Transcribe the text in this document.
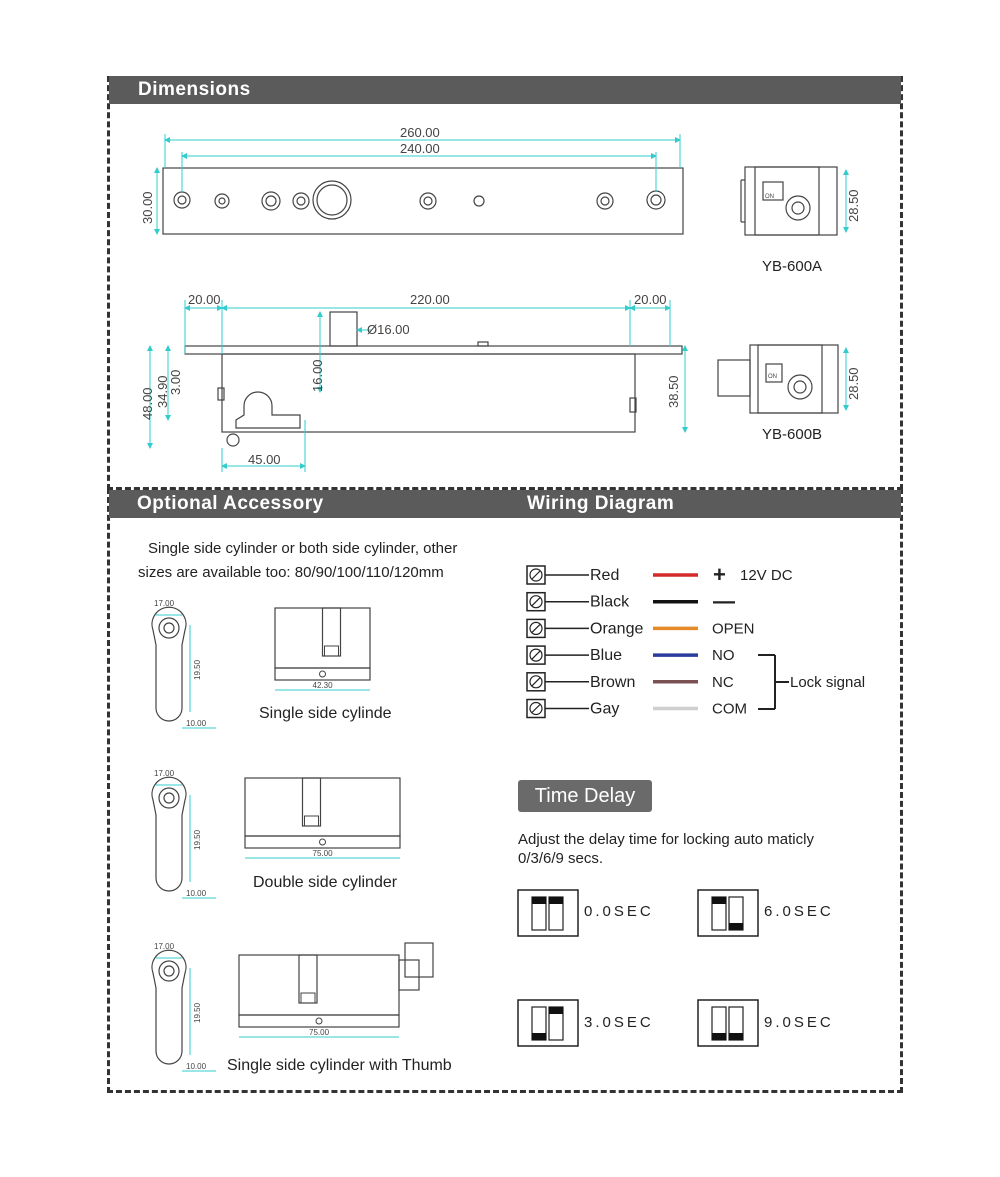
Dimensions
Optional Accessory	Wiring Diagram
260.00
240.00
30.00	ON	28.50
YB-600A
20.00	220.00	20.00
Ø16.00
16.00
48.00 34.90
3.00	38.50
45.00
ON	28.50
YB-600B
17.00
19.50
10.00
42.30
17.00
19.50
10.00
75.00
17.00
19.50
10.00
75.00
Red	+ 12V DC
Black	—
Orange	OPEN
Blue	NO
Brown	NC
Gay	COM
Lock signal
Single side cylinder or both side cylinder, other sizes are available too: 80/90/100/110/120mm
Single side cylinde
Double side cylinder
Single side cylinder with Thumb
Time Delay
Adjust the delay time for locking auto maticly
0/3/6/9 secs.
0.0SEC	6.0SEC
3.0SEC	9.0SEC
